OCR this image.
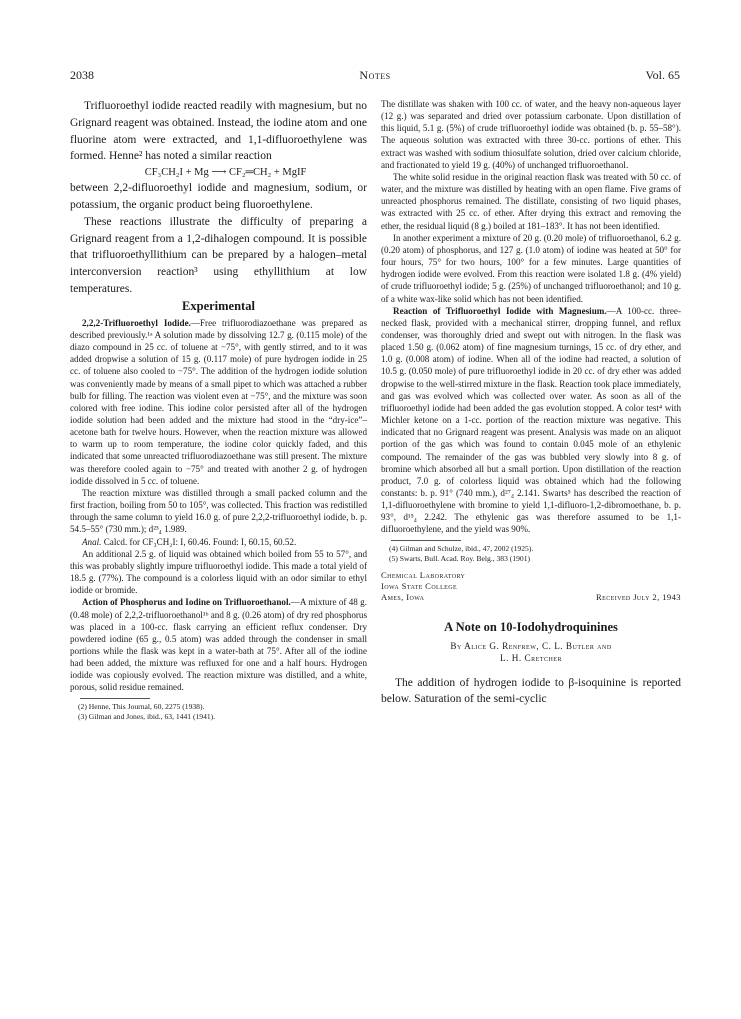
2038	Notes	Vol. 65

Trifluoroethyl iodide reacted readily with magnesium, but no Grignard reagent was obtained. Instead, the iodine atom and one fluorine atom were extracted, and 1,1-difluoroethylene was formed. Henne² has noted a similar reaction

CF₃CH₂I + Mg ⟶ CF₂═CH₂ + MgIF

between 2,2-difluoroethyl iodide and magnesium, sodium, or potassium, the organic product being fluoroethylene.

These reactions illustrate the difficulty of preparing a Grignard reagent from a 1,2-dihalogen compound. It is possible that trifluoroethyllithium can be prepared by a halogen–metal interconversion reaction³ using ethyllithium at low temperatures.

Experimental

2,2,2-Trifluoroethyl Iodide.—Free trifluorodiazoethane was prepared as described previously.¹ᵃ A solution made by dissolving 12.7 g. (0.115 mole) of the diazo compound in 25 cc. of toluene at −75°, with gently stirred, and to it was added dropwise a solution of 15 g. (0.117 mole) of pure hydrogen iodide in 25 cc. of toluene also cooled to −75°. The addition of the hydrogen iodide solution was conveniently made by means of a small pipet to which was attached a rubber bulb for filling. The reaction was violent even at −75°, and the mixture was soon colored with free iodine. This iodine color persisted after all of the hydrogen iodide solution had been added and the mixture had stood in the “dry-ice”–acetone bath for twelve hours. However, when the reaction mixture was allowed to warm up to room temperature, the iodine color quickly faded, and this indicated that some unreacted trifluorodiazoethane was still present. The mixture was therefore cooled again to −75° and treated with another 2 g. of hydrogen iodide dissolved in 5 cc. of toluene.

The reaction mixture was distilled through a small packed column and the first fraction, boiling from 50 to 105°, was collected. This fraction was redistilled through the same column to yield 16.0 g. of pure 2,2,2-trifluoroethyl iodide, b. p. 54.5–55° (730 mm.); d²³₄ 1.989.

Anal. Calcd. for CF₃CH₂I: I, 60.46. Found: I, 60.15, 60.52.

An additional 2.5 g. of liquid was obtained which boiled from 55 to 57°, and this was probably slightly impure trifluoroethyl iodide. This made a total yield of 18.5 g. (77%). The compound is a colorless liquid with an odor similar to ethyl iodide or bromide.

Action of Phosphorus and Iodine on Trifluoroethanol.—A mixture of 48 g. (0.48 mole) of 2,2,2-trifluoroethanol¹ᵇ and 8 g. (0.26 atom) of dry red phosphorus was placed in a 100-cc. flask carrying an efficient reflux condenser. Dry powdered iodine (65 g., 0.5 atom) was added through the condenser in small portions while the flask was kept in a water-bath at 75°. After all of the iodine had been added, the mixture was refluxed for one and a half hours. Hydrogen iodide was copiously evolved. The reaction mixture was distilled, and a white, porous, solid residue remained.

(2) Henne, This Journal, 60, 2275 (1938).

(3) Gilman and Jones, ibid., 63, 1441 (1941).

The distillate was shaken with 100 cc. of water, and the heavy non-aqueous layer (12 g.) was separated and dried over potassium carbonate. Upon distillation of this liquid, 5.1 g. (5%) of crude trifluoroethyl iodide was obtained (b. p. 55–58°). The aqueous solution was extracted with three 30-cc. portions of ether. This extract was washed with sodium thiosulfate solution, dried over calcium chloride, and fractionated to yield 19 g. (40%) of unchanged trifluoroethanol.

The white solid residue in the original reaction flask was treated with 50 cc. of water, and the mixture was distilled by heating with an open flame. Five grams of unreacted phosphorus remained. The distillate, consisting of two liquid phases, was extracted with 25 cc. of ether. After drying this extract and removing the ether, the residual liquid (8 g.) boiled at 181–183°. It has not been identified.

In another experiment a mixture of 20 g. (0.20 mole) of trifluoroethanol, 6.2 g. (0.20 atom) of phosphorus, and 127 g. (1.0 atom) of iodine was heated at 50° for four hours, 75° for two hours, 100° for a few minutes. Large quantities of hydrogen iodide were evolved. From this reaction were isolated 1.8 g. (4% yield) of crude trifluoroethyl iodide; 5 g. (25%) of unchanged trifluoroethanol; and 10 g. of a white wax-like solid which has not been identified.

Reaction of Trifluoroethyl Iodide with Magnesium.—A 100-cc. three-necked flask, provided with a mechanical stirrer, dropping funnel, and reflux condenser, was thoroughly dried and swept out with nitrogen. In the flask was placed 1.50 g. (0.062 atom) of fine magnesium turnings, 15 cc. of dry ether, and 1.0 g. (0.008 atom) of iodine. When all of the iodine had reacted, a solution of 10.5 g. (0.050 mole) of pure trifluoroethyl iodide in 20 cc. of dry ether was added dropwise to the well-stirred mixture in the flask. Reaction took place immediately, and gas was evolved which was collected over water. As soon as all of the trifluoroethyl iodide had been added the gas evolution stopped. A color test⁴ with Michler ketone on a 1-cc. portion of the reaction mixture was negative. This indicated that no Grignard reagent was present. Analysis was made on an aliquot portion of the gas which was found to contain 0.045 mole of an ethylenic compound. The remainder of the gas was bubbled very slowly into 8 g. of bromine which absorbed all but a small portion. Upon distillation of the reaction product, 7.0 g. of colorless liquid was obtained which had the following constants: b. p. 91° (740 mm.), d²⁷₄ 2.141. Swarts⁵ has described the reaction of 1,1-difluoroethylene with bromine to yield 1,1-difluoro-1,2-dibromoethane, b. p. 93°, d¹⁵₄ 2.242. The ethylenic gas was therefore assumed to be 1,1-difluoroethylene, and the yield was 90%.

(4) Gilman and Schulze, ibid., 47, 2002 (1925).

(5) Swarts, Bull. Acad. Roy. Belg., 383 (1901)

Chemical Laboratory
Iowa State College
Ames, Iowa	Received July 2, 1943

A Note on 10-Iodohydroquinines

By Alice G. Renfrew, C. L. Butler and

L. H. Cretcher

The addition of hydrogen iodide to β-isoquinine is reported below. Saturation of the semi-cyclic
